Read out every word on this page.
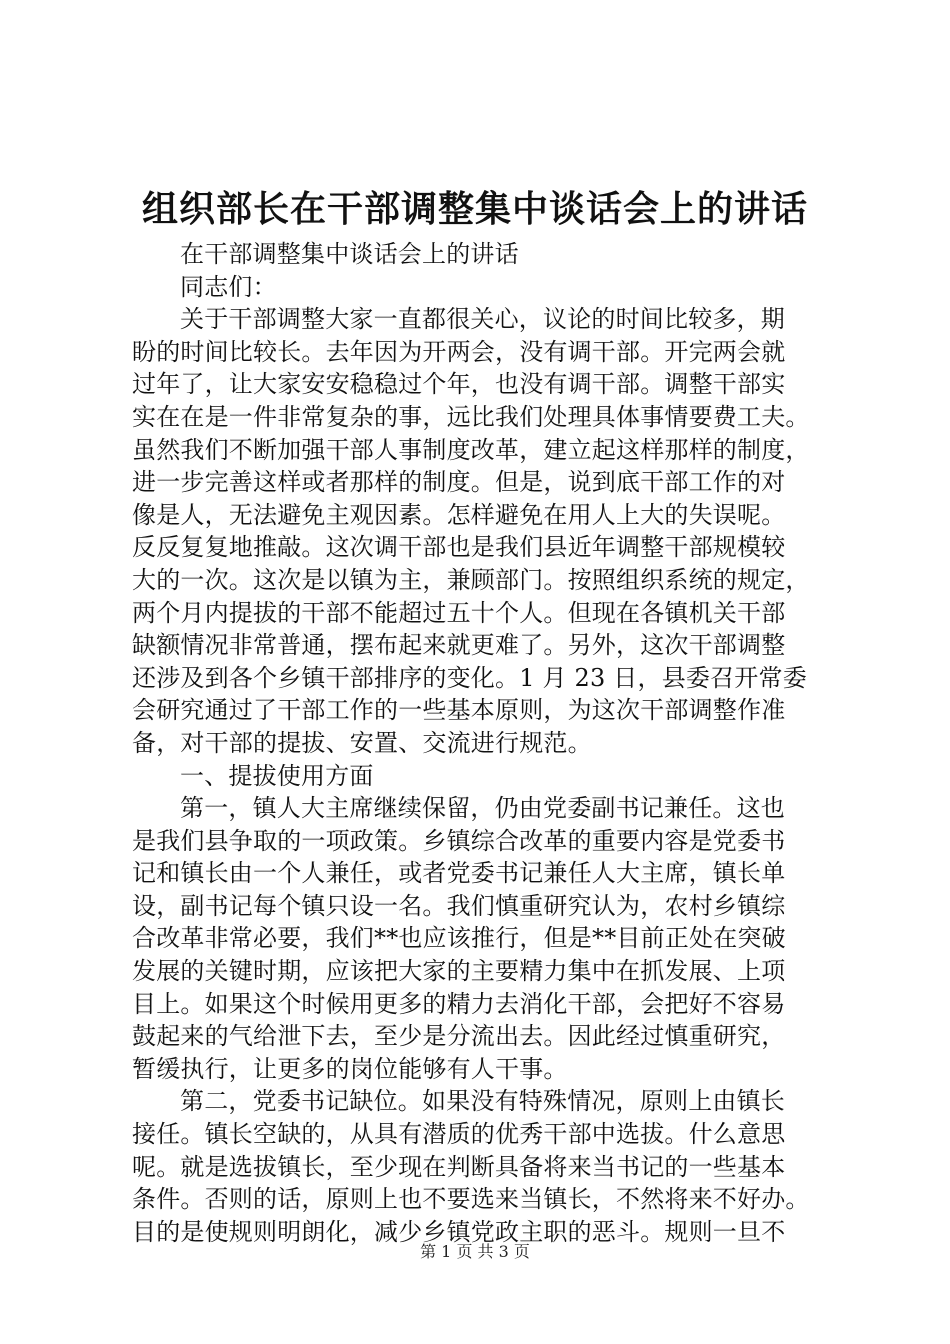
组织部长在干部调整集中谈话会上的讲话
在干部调整集中谈话会上的讲话
同志们：
关于干部调整大家一直都很关心，议论的时间比较多，期
盼的时间比较长。去年因为开两会，没有调干部。开完两会就
过年了，让大家安安稳稳过个年，也没有调干部。调整干部实
实在在是一件非常复杂的事，远比我们处理具体事情要费工夫。
虽然我们不断加强干部人事制度改革，建立起这样那样的制度，
进一步完善这样或者那样的制度。但是，说到底干部工作的对
像是人，无法避免主观因素。怎样避免在用人上大的失误呢。
反反复复地推敲。这次调干部也是我们县近年调整干部规模较
大的一次。这次是以镇为主，兼顾部门。按照组织系统的规定，
两个月内提拔的干部不能超过五十个人。但现在各镇机关干部
缺额情况非常普通，摆布起来就更难了。另外，这次干部调整
还涉及到各个乡镇干部排序的变化。1 月 23 日，县委召开常委
会研究通过了干部工作的一些基本原则，为这次干部调整作准
备，对干部的提拔、安置、交流进行规范。
一、提拔使用方面
第一，镇人大主席继续保留，仍由党委副书记兼任。这也
是我们县争取的一项政策。乡镇综合改革的重要内容是党委书
记和镇长由一个人兼任，或者党委书记兼任人大主席，镇长单
设，副书记每个镇只设一名。我们慎重研究认为，农村乡镇综
合改革非常必要，我们**也应该推行，但是**目前正处在突破
发展的关键时期，应该把大家的主要精力集中在抓发展、上项
目上。如果这个时候用更多的精力去消化干部，会把好不容易
鼓起来的气给泄下去，至少是分流出去。因此经过慎重研究，
暂缓执行，让更多的岗位能够有人干事。
第二，党委书记缺位。如果没有特殊情况，原则上由镇长
接任。镇长空缺的，从具有潜质的优秀干部中选拔。什么意思
呢。就是选拔镇长，至少现在判断具备将来当书记的一些基本
条件。否则的话，原则上也不要选来当镇长，不然将来不好办。
目的是使规则明朗化，减少乡镇党政主职的恶斗。规则一旦不
第 1 页 共 3 页
